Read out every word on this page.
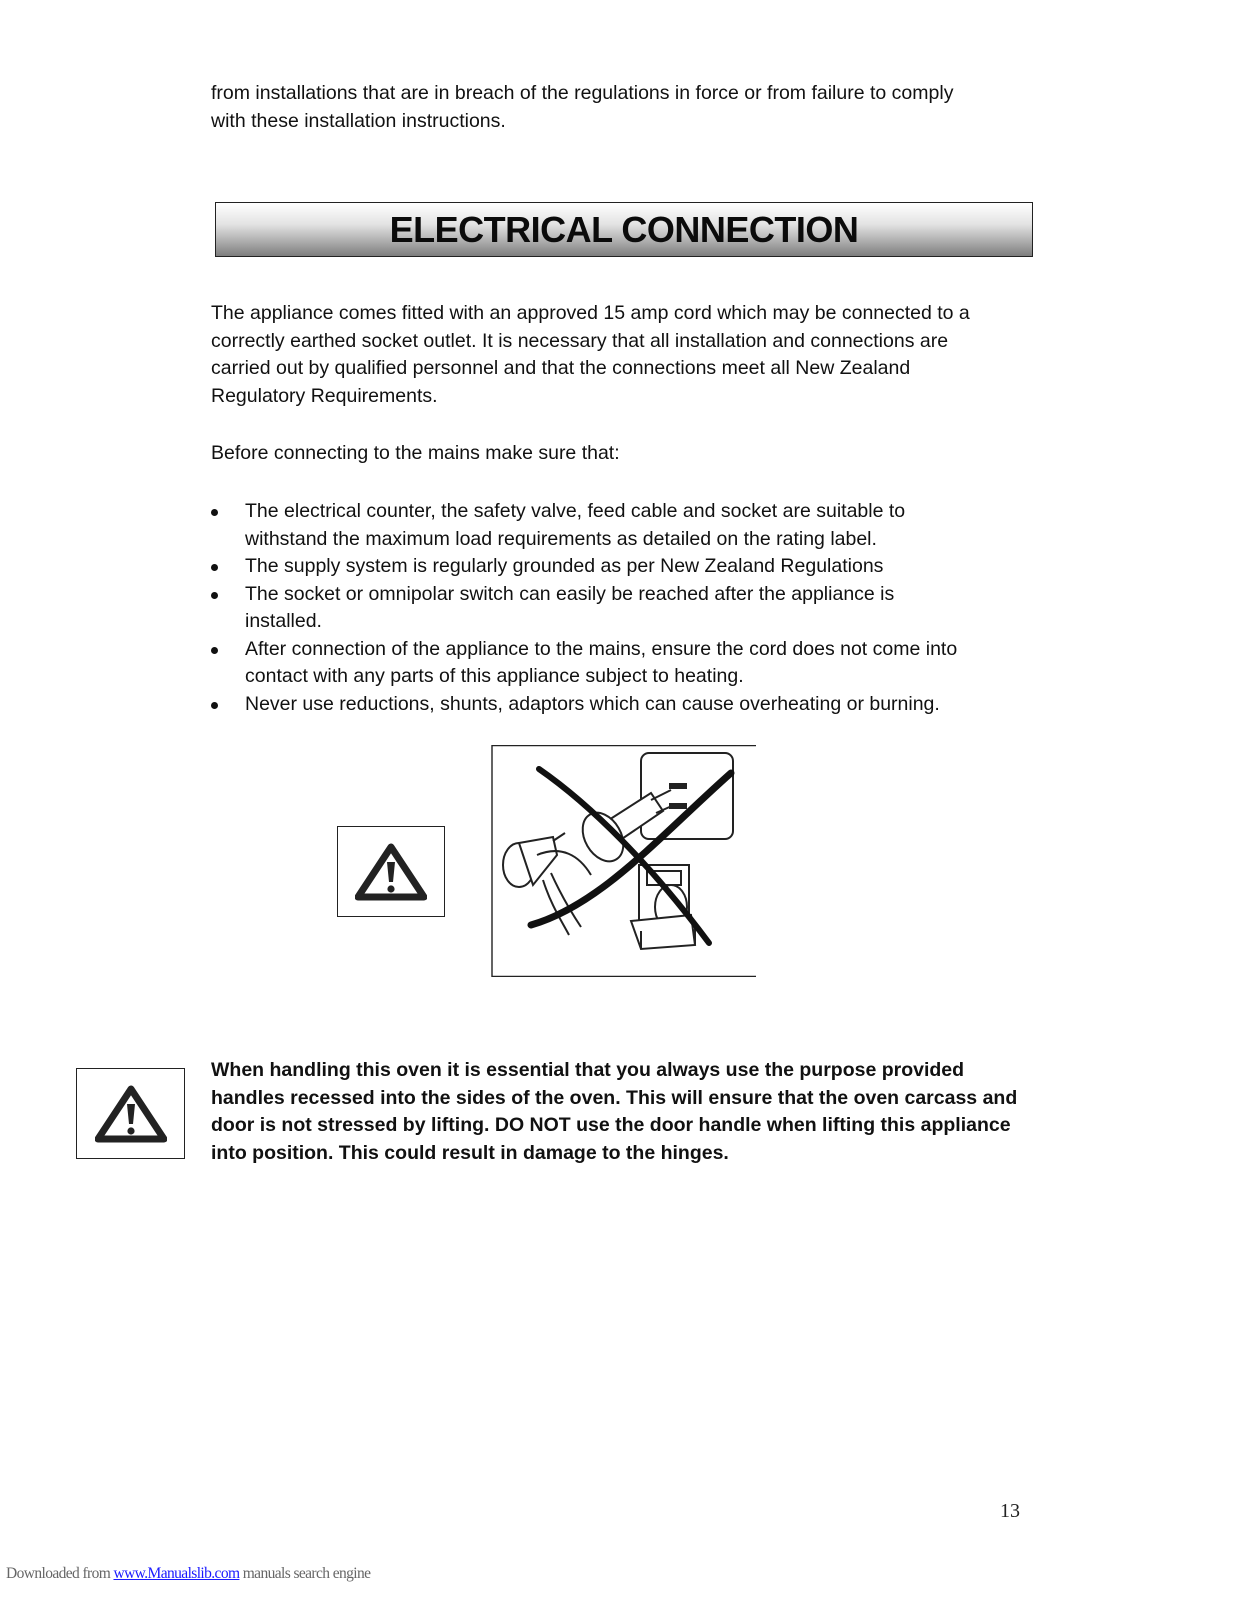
from installations that are in breach of the regulations in force or from failure to comply
with these installation instructions.
ELECTRICAL CONNECTION
The appliance comes fitted with an approved 15 amp cord which may be connected to a
correctly earthed socket outlet. It is necessary that all installation and connections are
carried out by qualified personnel and that the connections meet all New Zealand
Regulatory Requirements.
Before connecting to the mains make sure that:
The electrical counter, the safety valve, feed cable and socket are suitable to
withstand the maximum load requirements as detailed on the rating label.
The supply system is regularly grounded as per New Zealand Regulations
The socket or omnipolar switch can easily be reached after the appliance is
installed.
After connection of the appliance to the mains, ensure the cord does not come into
contact with any parts of this appliance subject to heating.
Never use reductions, shunts, adaptors which can cause overheating or burning.
When handling this oven it is essential that you always use the purpose provided
handles recessed into the sides of the oven. This will ensure that the oven carcass and
door is not stressed by lifting. DO NOT use the door handle when lifting this appliance
into position. This could result in damage to the hinges.
13
Downloaded from www.Manualslib.com manuals search engine
